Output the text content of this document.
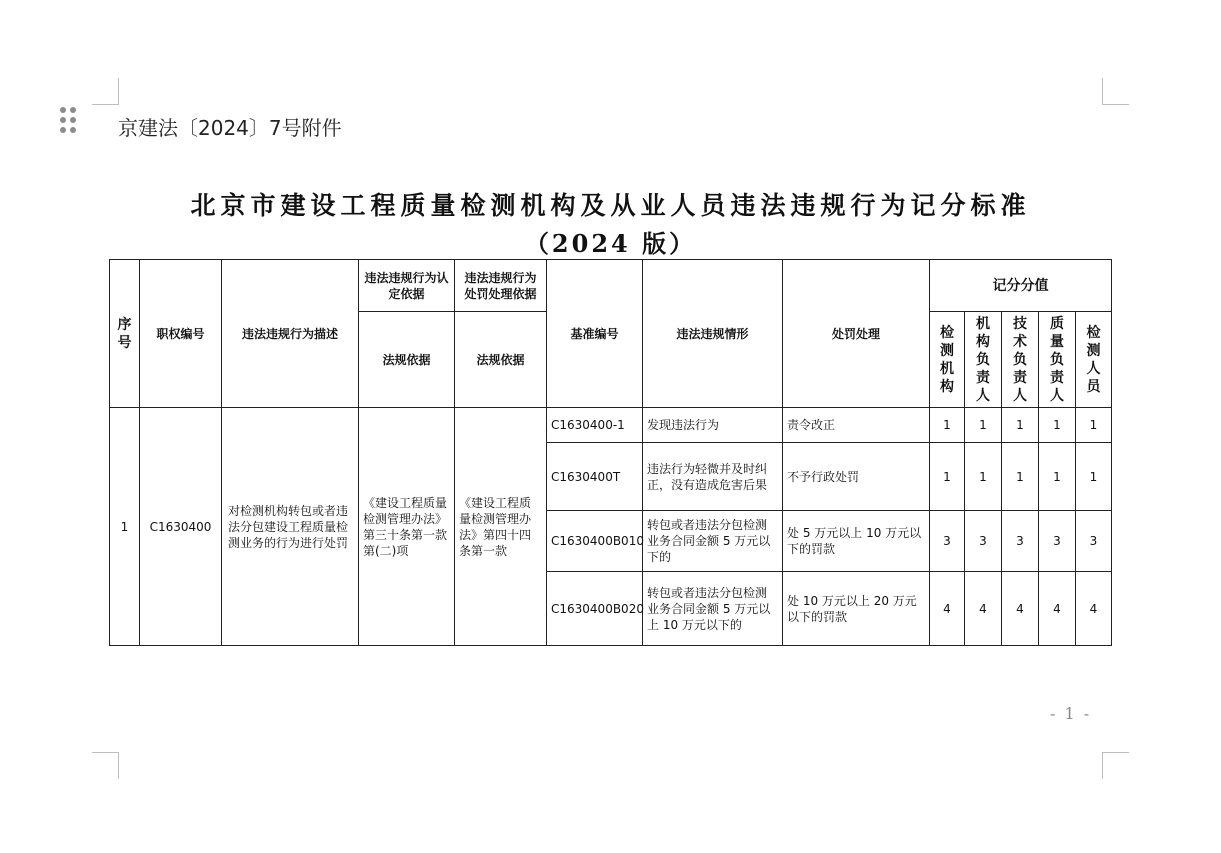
京建法〔2024〕7号附件
北京市建设工程质量检测机构及从业人员违法违规行为记分标准
（2024 版）
序号	职权编号	违法违规行为描述	违法违规行为认定依据	违法违规行为处罚处理依据	基准编号	违法违规情形	处罚处理	记分分值				
			法规依据	法规依据				检测机构	机构负责人	技术负责人	质量负责人	检测人员

1	C1630400	对检测机构转包或者违法分包建设工程质量检测业务的行为进行处罚	《建设工程质量检测管理办法》第三十条第一款第(二)项	《建设工程质量检测管理办法》第四十四条第一款	C1630400-1	发现违法行为	责令改正	1	1	1	1	1
					C1630400T	违法行为轻微并及时纠正，没有造成危害后果	不予行政处罚	1	1	1	1	1
					C1630400B010	转包或者违法分包检测业务合同金额 5 万元以下的	处 5 万元以上 10 万元以下的罚款	3	3	3	3	3
					C1630400B020	转包或者违法分包检测业务合同金额 5 万元以上 10 万元以下的	处 10 万元以上 20 万元以下的罚款	4	4	4	4	4
- 1 -
